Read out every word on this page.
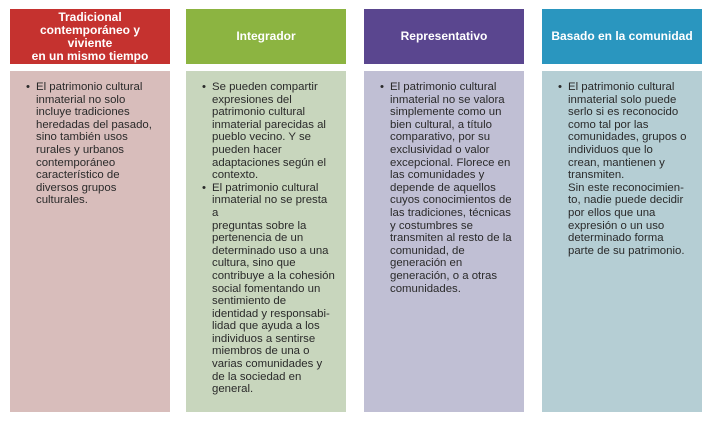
Tradicional
contemporáneo y viviente
en un mismo tiempo
• El patrimonio cultural
inmaterial no solo
incluye tradiciones
heredadas del pasado,
sino también usos
rurales y urbanos
contemporáneo
característico de
diversos grupos
culturales.
Integrador
• Se pueden compartir
expresiones del
patrimonio cultural
inmaterial parecidas al
pueblo vecino. Y se
pueden hacer
adaptaciones según el
contexto.
• El patrimonio cultural
inmaterial no se presta a
preguntas sobre la
pertenencia de un
determinado uso a una
cultura, sino que
contribuye a la cohesión
social fomentando un
sentimiento de
identidad y responsabi-
lidad que ayuda a los
individuos a sentirse
miembros de una o
varias comunidades y
de la sociedad en
general.
Representativo
• El patrimonio cultural
inmaterial no se valora
simplemente como un
bien cultural, a título
comparativo, por su
exclusividad o valor
excepcional. Florece en
las comunidades y
depende de aquellos
cuyos conocimientos de
las tradiciones, técnicas
y costumbres se
transmiten al resto de la
comunidad, de
generación en
generación, o a otras
comunidades.
Basado en la comunidad
• El patrimonio cultural
inmaterial solo puede
serlo si es reconocido
como tal por las
comunidades, grupos o
individuos que lo
crean, mantienen y
transmiten.
Sin este reconocimien-
to, nadie puede decidir
por ellos que una
expresión o un uso
determinado forma
parte de su patrimonio.
